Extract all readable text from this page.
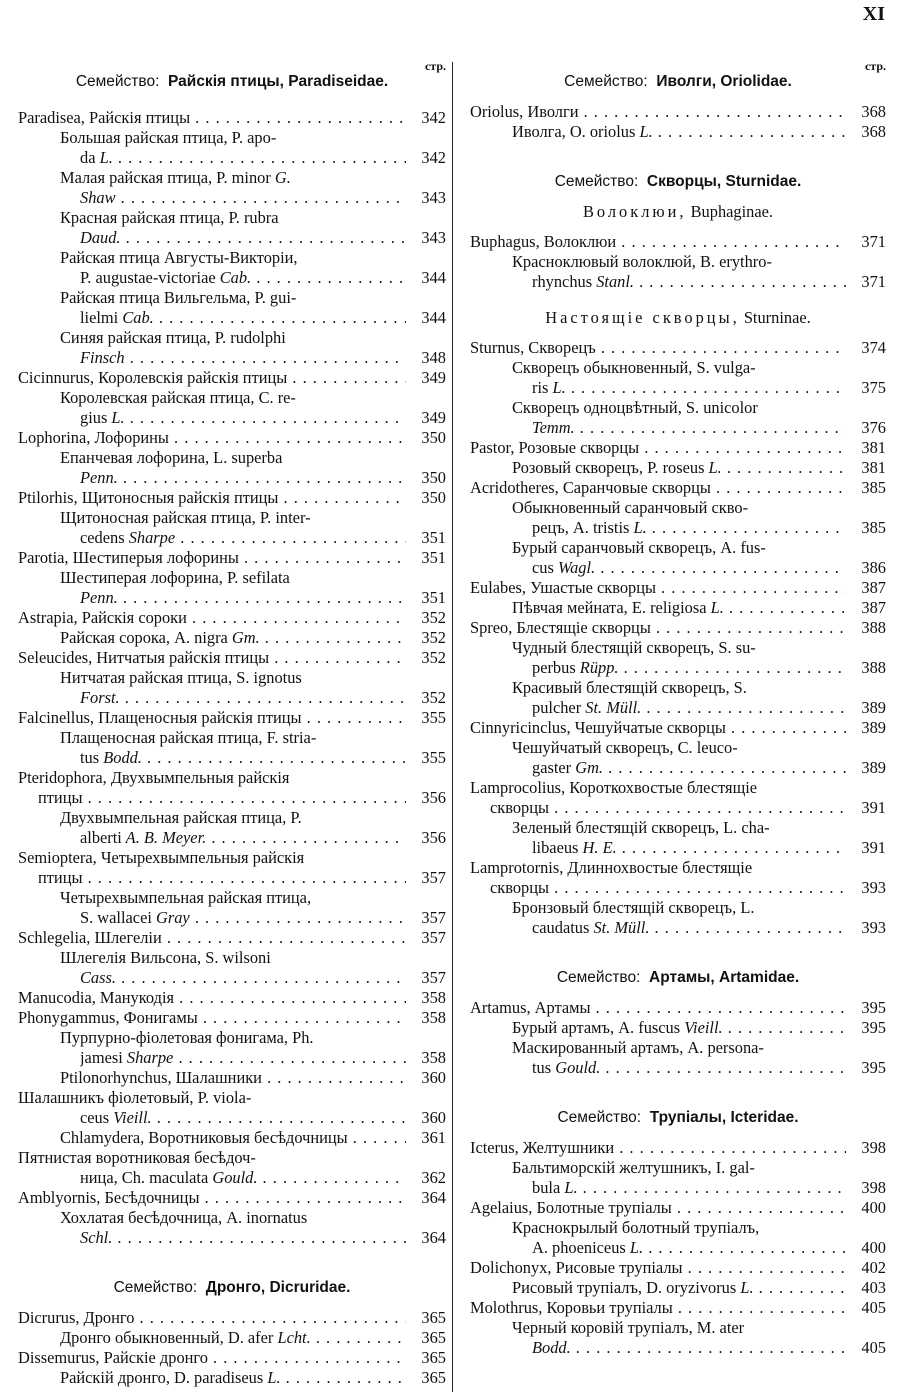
XI
стр.
Семейство: Райскія птицы, Paradiseidae.
Paradisea, Райскія птицы . . .	342
Большая райская птица, P. apo-
da L. . . .	342
Малая райская птица, P. minor G.
Shaw . . .	343
Красная райская птица, P. rubra
Daud. . . .	343
Райская птица Августы-Викторіи,
P. augustae-victoriae Cab. . . .	344
Райская птица Вильгельма, P. gui-
lielmi Cab. . . .	344
Синяя райская птица, P. rudolphi
Finsch . . .	348
Cicinnurus, Королевскія райскія птицы . . .	349
Королевская райская птица, C. re-
gius L. . . .	349
Lophorina, Лофорины . . .	350
Епанчевая лофорина, L. superba
Penn. . . .	350
Ptilorhis, Щитоносныя райскія птицы . . .	350
Щитоносная райская птица, P. inter-
cedens Sharpe . . .	351
Parotia, Шестиперыя лофорины . . .	351
Шестиперая лофорина, P. sefilata
Penn. . . .	351
Astrapia, Райскія сороки . . .	352
Райская сорока, A. nigra Gm. . . .	352
Seleucides, Нитчатыя райскія птицы . . .	352
Нитчатая райская птица, S. ignotus
Forst. . . .	352
Falcinellus, Плащеносныя райскія птицы . . .	355
Плащеносная райская птица, F. stria-
tus Bodd. . . .	355
Pteridophora, Двухвымпельныя райскія
птицы . . .	356
Двухвымпельная райская птица, P.
alberti A. B. Meyer. . . .	356
Semioptera, Четырехвымпельныя райскія
птицы . . .	357
Четырехвымпельная райская птица,
S. wallacei Gray . . .	357
Schlegelia, Шлегеліи . . .	357
Шлегелія Вильсона, S. wilsoni
Cass. . . .	357
Manucodia, Манукодія . . .	358
Phonygammus, Фонигамы . . .	358
Пурпурно-фіолетовая фонигама, Ph.
jamesi Sharpe . . .	358
Ptilonorhynchus, Шалашники . . .	360
Шалашникъ фіолетовый, P. viola-
ceus Vieill. . . .	360
Chlamydera, Воротниковыя бесѣдочницы . . .	361
Пятнистая воротниковая бесѣдоч-
ница, Ch. maculata Gould. . . .	362
Amblyornis, Бесѣдочницы . . .	364
Хохлатая бесѣдочница, A. inornatus
Schl. . . .	364
Семейство: Дронго, Dicruridae.
Dicrurus, Дронго . . .	365
Дронго обыкновенный, D. afer Lcht. . . .	365
Dissemurus, Райскіе дронго . . .	365
Райскій дронго, D. paradiseus L. . . .	365
стр.
Семейство: Иволги, Oriolidae.
Oriolus, Иволги . . .	368
Иволга, O. oriolus L. . . .	368
Семейство: Скворцы, Sturnidae.
Волоклюи, Buphaginae.
Buphagus, Волоклюи . . .	371
Красноклювый волоклюй, B. erythro-
rhynchus Stanl. . . .	371
Настоящіе скворцы, Sturninae.
Sturnus, Скворецъ . . .	374
Скворецъ обыкновенный, S. vulga-
ris L. . . .	375
Скворецъ одноцвѣтный, S. unicolor
Temm. . . .	376
Pastor, Розовые скворцы . . .	381
Розовый скворецъ, P. roseus L. . . .	381
Acridotheres, Саранчовые скворцы . . .	385
Обыкновенный саранчовый скво-
рецъ, A. tristis L. . . .	385
Бурый саранчовый скворецъ, A. fus-
cus Wagl. . . .	386
Eulabes, Ушастые скворцы . . .	387
Пѣвчая мейната, E. religiosa L. . . .	387
Spreo, Блестящіе скворцы . . .	388
Чудный блестящій скворецъ, S. su-
perbus Rüpp. . . .	388
Красивый блестящій скворецъ, S.
pulcher St. Müll. . . .	389
Cinnyricinclus, Чешуйчатые скворцы . . .	389
Чешуйчатый скворецъ, C. leuco-
gaster Gm. . . .	389
Lamprocolius, Короткохвостые блестящіе
скворцы . . .	391
Зеленый блестящій скворецъ, L. cha-
libaeus H. E. . . .	391
Lamprotornis, Длиннохвостые блестящіе
скворцы . . .	393
Бронзовый блестящій скворецъ, L.
caudatus St. Müll. . . .	393
Семейство: Артамы, Artamidae.
Artamus, Артамы . . .	395
Бурый артамъ, A. fuscus Vieill. . . .	395
Маскированный артамъ, A. persona-
tus Gould. . . .	395
Семейство: Трупіалы, Icteridae.
Icterus, Желтушники . . .	398
Бальтиморскій желтушникъ, I. gal-
bula L. . . .	398
Agelaius, Болотные трупіалы . . .	400
Краснокрылый болотный трупіалъ,
A. phoeniceus L. . . .	400
Dolichonyx, Рисовые трупіалы . . .	402
Рисовый трупіалъ, D. oryzivorus L. . . .	403
Molothrus, Коровьи трупіалы . . .	405
Черный коровій трупіалъ, M. ater
Bodd. . . .	405
